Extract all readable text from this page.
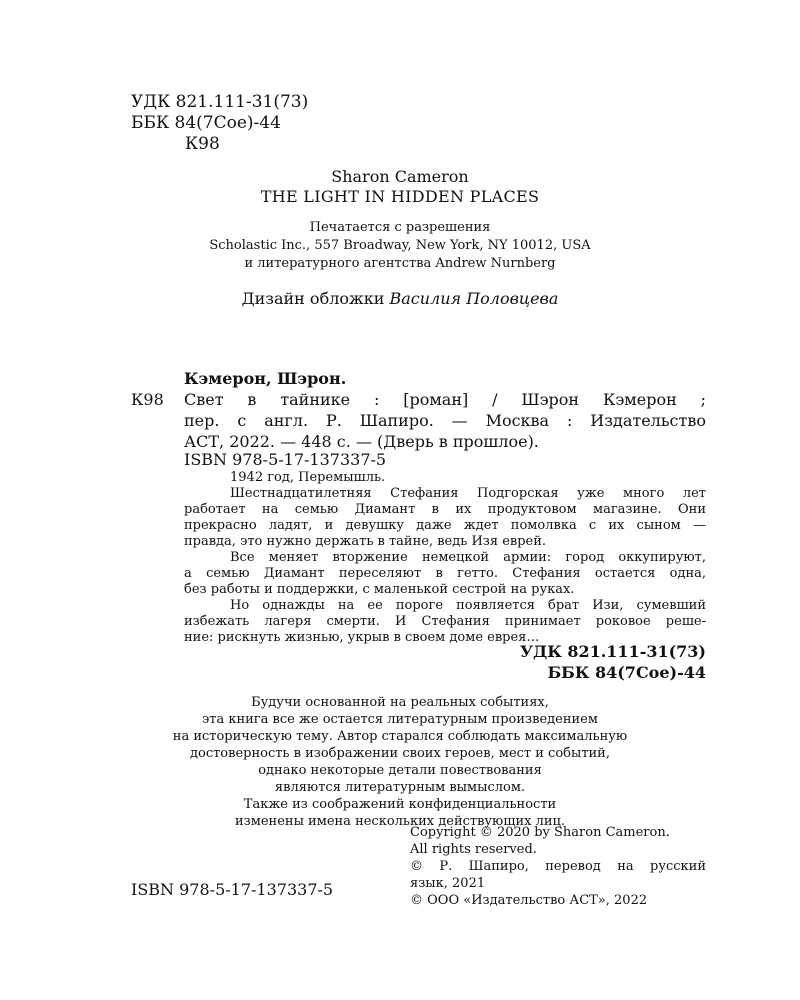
УДК 821.111-31(73)
ББК 84(7Сое)-44
К98
Sharon Cameron
THE LIGHT IN HIDDEN PLACES
Печатается с разрешения
Scholastic Inc., 557 Broadway, New York, NY 10012, USA
и литературного агентства Andrew Nurnberg
Дизайн обложки Василия Половцева
Кэмерон, Шэрон.
К98 Свет в тайнике : [роман] / Шэрон Кэмерон ;
пер. с англ. Р. Шапиро. — Москва : Издательство
АСТ, 2022. — 448 с. — (Дверь в прошлое).
ISBN 978-5-17-137337-5
1942 год, Перемышль.
Шестнадцатилетняя Стефания Подгорская уже много лет
работает на семью Диамант в их продуктовом магазине. Они
прекрасно ладят, и девушку даже ждет помолвка с их сыном —
правда, это нужно держать в тайне, ведь Изя еврей.
Все меняет вторжение немецкой армии: город оккупируют,
а семью Диамант переселяют в гетто. Стефания остается одна,
без работы и поддержки, с маленькой сестрой на руках.
Но однажды на ее пороге появляется брат Изи, сумевший
избежать лагеря смерти. И Стефания принимает роковое реше-
ние: рискнуть жизнью, укрыв в своем доме еврея…
УДК 821.111-31(73)
ББК 84(7Сое)-44
Будучи основанной на реальных событиях,
эта книга все же остается литературным произведением
на историческую тему. Автор старался соблюдать максимальную
достоверность в изображении своих героев, мест и событий,
однако некоторые детали повествования
являются литературным вымыслом.
Также из соображений конфиденциальности
изменены имена нескольких действующих лиц.
Copyright © 2020 by Sharon Cameron.
All rights reserved.
© Р. Шапиро, перевод на русский
язык, 2021
© ООО «Издательство АСТ», 2022
ISBN 978-5-17-137337-5
